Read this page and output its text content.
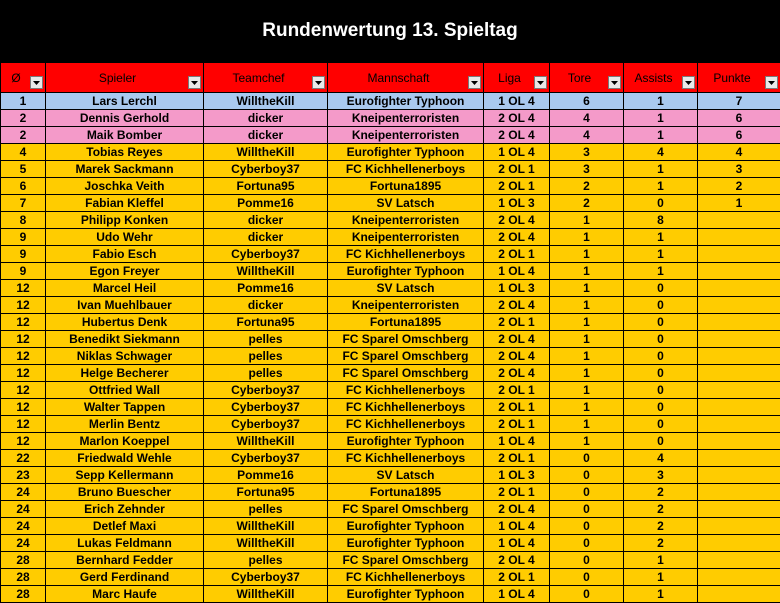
Rundenwertung 13. Spieltag
Ø	Spieler	Teamchef	Mannschaft	Liga	Tore	Assists	Punkte

1	Lars Lerchl	WilltheKill	Eurofighter Typhoon	1 OL 4	6	1	7
2	Dennis Gerhold	dicker	Kneipenterroristen	2 OL 4	4	1	6
2	Maik Bomber	dicker	Kneipenterroristen	2 OL 4	4	1	6
4	Tobias Reyes	WilltheKill	Eurofighter Typhoon	1 OL 4	3	4	4
5	Marek Sackmann	Cyberboy37	FC Kichhellenerboys	2 OL 1	3	1	3
6	Joschka Veith	Fortuna95	Fortuna1895	2 OL 1	2	1	2
7	Fabian Kleffel	Pomme16	SV Latsch	1 OL 3	2	0	1
8	Philipp Konken	dicker	Kneipenterroristen	2 OL 4	1	8	
9	Udo Wehr	dicker	Kneipenterroristen	2 OL 4	1	1	
9	Fabio Esch	Cyberboy37	FC Kichhellenerboys	2 OL 1	1	1	
9	Egon Freyer	WilltheKill	Eurofighter Typhoon	1 OL 4	1	1	
12	Marcel Heil	Pomme16	SV Latsch	1 OL 3	1	0	
12	Ivan Muehlbauer	dicker	Kneipenterroristen	2 OL 4	1	0	
12	Hubertus Denk	Fortuna95	Fortuna1895	2 OL 1	1	0	
12	Benedikt Siekmann	pelles	FC Sparel Omschberg	2 OL 4	1	0	
12	Niklas Schwager	pelles	FC Sparel Omschberg	2 OL 4	1	0	
12	Helge Becherer	pelles	FC Sparel Omschberg	2 OL 4	1	0	
12	Ottfried Wall	Cyberboy37	FC Kichhellenerboys	2 OL 1	1	0	
12	Walter Tappen	Cyberboy37	FC Kichhellenerboys	2 OL 1	1	0	
12	Merlin Bentz	Cyberboy37	FC Kichhellenerboys	2 OL 1	1	0	
12	Marlon Koeppel	WilltheKill	Eurofighter Typhoon	1 OL 4	1	0	
22	Friedwald Wehle	Cyberboy37	FC Kichhellenerboys	2 OL 1	0	4	
23	Sepp Kellermann	Pomme16	SV Latsch	1 OL 3	0	3	
24	Bruno Buescher	Fortuna95	Fortuna1895	2 OL 1	0	2	
24	Erich Zehnder	pelles	FC Sparel Omschberg	2 OL 4	0	2	
24	Detlef Maxi	WilltheKill	Eurofighter Typhoon	1 OL 4	0	2	
24	Lukas Feldmann	WilltheKill	Eurofighter Typhoon	1 OL 4	0	2	
28	Bernhard Fedder	pelles	FC Sparel Omschberg	2 OL 4	0	1	
28	Gerd Ferdinand	Cyberboy37	FC Kichhellenerboys	2 OL 1	0	1	
28	Marc Haufe	WilltheKill	Eurofighter Typhoon	1 OL 4	0	1	
